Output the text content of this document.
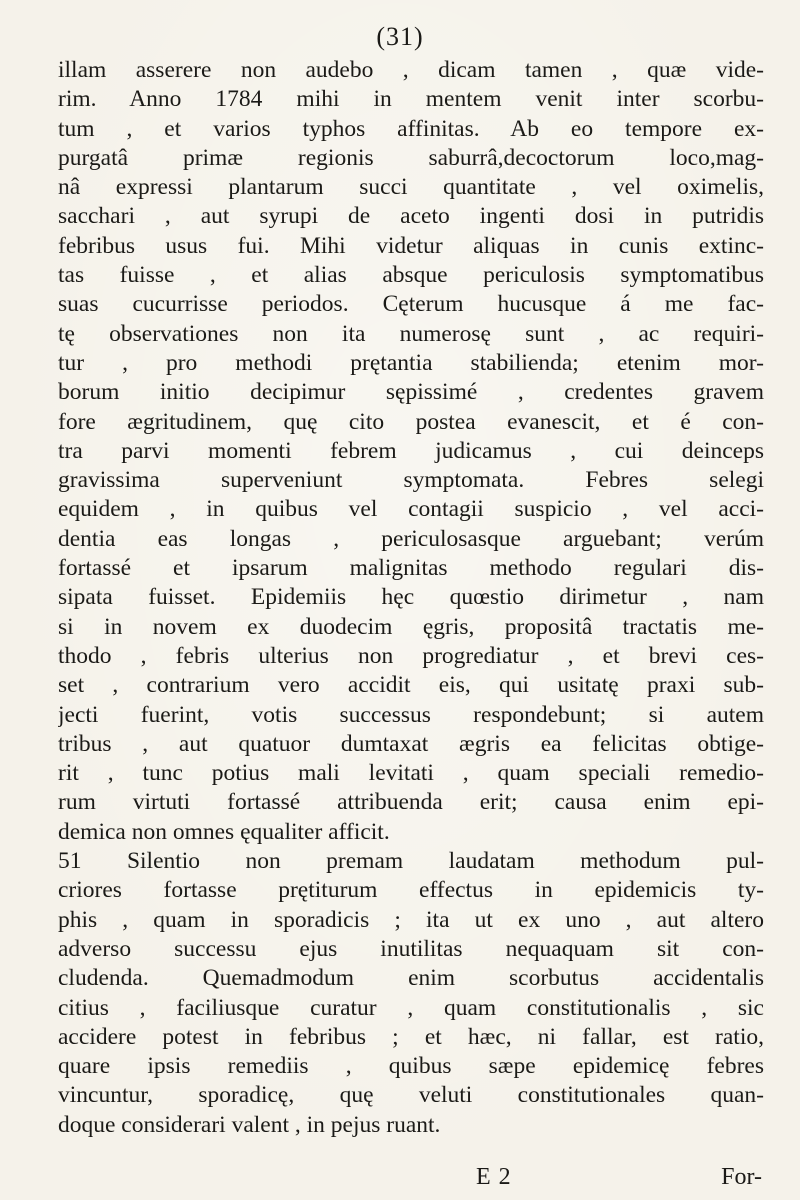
(31)
illam asserere non audebo , dicam tamen , quæ vide-
rim. Anno 1784 mihi in mentem venit inter scorbu-
tum , et varios typhos affinitas. Ab eo tempore ex-
purgatâ primæ regionis saburrâ,decoctorum loco,mag-
nâ expressi plantarum succi quantitate , vel oximelis,
sacchari , aut syrupi de aceto ingenti dosi in putridis
febribus usus fui. Mihi videtur aliquas in cunis extinc-
tas fuisse , et alias absque periculosis symptomatibus
suas cucurrisse periodos. Cęterum hucusque á me fac-
tę observationes non ita numerosę sunt , ac requiri-
tur , pro methodi prętantia stabilienda; etenim mor-
borum initio decipimur sępissimé , credentes gravem
fore ægritudinem, quę cito postea evanescit, et é con-
tra parvi momenti febrem judicamus , cui deinceps
gravissima superveniunt symptomata. Febres selegi
equidem , in quibus vel contagii suspicio , vel acci-
dentia eas longas , periculosasque arguebant; verúm
fortassé et ipsarum malignitas methodo regulari dis-
sipata fuisset. Epidemiis hęc quœstio dirimetur , nam
si in novem ex duodecim ęgris, propositâ tractatis me-
thodo , febris ulterius non progrediatur , et brevi ces-
set , contrarium vero accidit eis, qui usitatę praxi sub-
jecti fuerint, votis successus respondebunt; si autem
tribus , aut quatuor dumtaxat ægris ea felicitas obtige-
rit , tunc potius mali levitati , quam speciali remedio-
rum virtuti fortassé attribuenda erit; causa enim epi-
demica non omnes ęqualiter afficit.
51 Silentio non premam laudatam methodum pul-
criores fortasse prętiturum effectus in epidemicis ty-
phis , quam in sporadicis ; ita ut ex uno , aut altero
adverso successu ejus inutilitas nequaquam sit con-
cludenda. Quemadmodum enim scorbutus accidentalis
citius , faciliusque curatur , quam constitutionalis , sic
accidere potest in febribus ; et hæc, ni fallar, est ratio,
quare ipsis remediis , quibus sæpe epidemicę febres
vincuntur, sporadicę, quę veluti constitutionales quan-
doque considerari valent , in pejus ruant.
E 2	For-
